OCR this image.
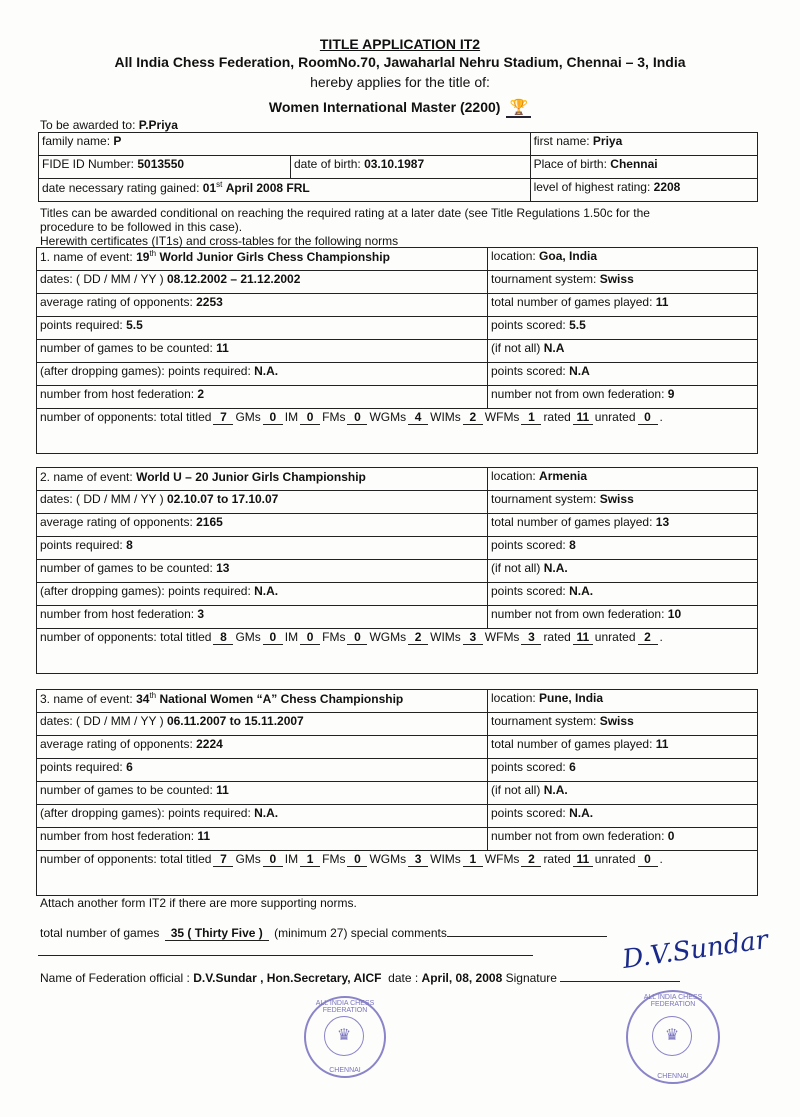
TITLE APPLICATION IT2
All India Chess Federation, RoomNo.70, Jawaharlal Nehru Stadium, Chennai – 3, India
hereby applies for the title of:
Women International Master (2200) 🏆
To be awarded to: P.Priya
family name: P		first name: Priya
FIDE ID Number: 5013550	date of birth: 03.10.1987	Place of birth: Chennai
date necessary rating gained: 01st April 2008 FRL		level of highest rating: 2208
Titles can be awarded conditional on reaching the required rating at a later date (see Title Regulations 1.50c for the
procedure to be followed in this case).
Herewith certificates (IT1s) and cross-tables for the following norms
1. name of event: 19th World Junior Girls Chess Championship	location: Goa, India
dates: ( DD / MM / YY ) 08.12.2002 – 21.12.2002	tournament system: Swiss
average rating of opponents: 2253	total number of games played: 11
points required: 5.5	points scored: 5.5
number of games to be counted: 11	(if not all) N.A
(after dropping games): points required: N.A.	points scored: N.A
number from host federation: 2	number not from own federation: 9
number of opponents: total titled 7 GMs 0 IM 0 FMs 0 WGMs 4 WIMs 2 WFMs 1 rated 11 unrated 0 .	
2. name of event: World U – 20 Junior Girls Championship	location: Armenia
dates: ( DD / MM / YY ) 02.10.07 to 17.10.07	tournament system: Swiss
average rating of opponents: 2165	total number of games played: 13
points required: 8	points scored: 8
number of games to be counted: 13	(if not all) N.A.
(after dropping games): points required: N.A.	points scored: N.A.
number from host federation: 3	number not from own federation: 10
number of opponents: total titled 8 GMs 0 IM 0 FMs 0 WGMs 2 WIMs 3 WFMs 3 rated 11 unrated 2 .	
3. name of event: 34th National Women “A” Chess Championship	location: Pune, India
dates: ( DD / MM / YY ) 06.11.2007 to 15.11.2007	tournament system: Swiss
average rating of opponents: 2224	total number of games played: 11
points required: 6	points scored: 6
number of games to be counted: 11	(if not all) N.A.
(after dropping games): points required: N.A.	points scored: N.A.
number from host federation: 11	number not from own federation: 0
number of opponents: total titled 7 GMs 0 IM 1 FMs 0 WGMs 3 WIMs 1 WFMs 2 rated 11 unrated 0 .	
Attach another form IT2 if there are more supporting norms.
total number of games 35 ( Thirty Five ) (minimum 27) special comments
Name of Federation official : D.V.Sundar , Hon.Secretary, AICF date : April, 08, 2008 Signature
D.V.Sundar
ALL INDIA CHESS FEDERATION
♛
CHENNAI
ALL INDIA CHESS FEDERATION
♛
CHENNAI
